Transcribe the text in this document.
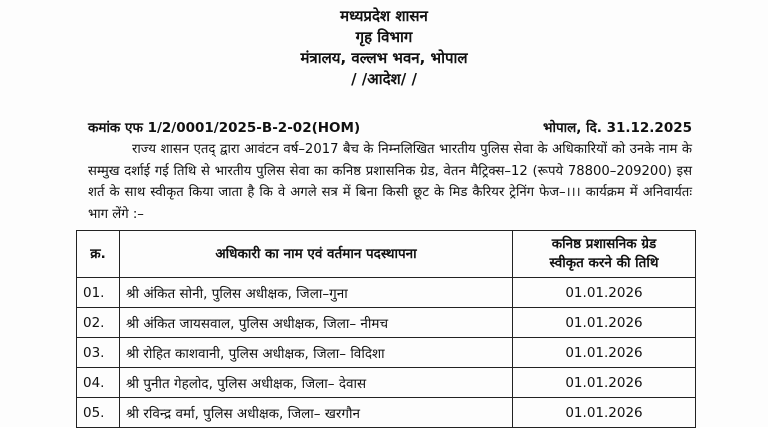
मध्यप्रदेश शासन
गृह विभाग
मंत्रालय, वल्लभ भवन, भोपाल
/ /आदेश/ /
कमांक एफ 1/2/0001/2025-B-2-02(HOM)	भोपाल, दि. 31.12.2025
राज्य शासन एतद् द्वारा आवंटन वर्ष–2017 बैच के निम्नलिखित भारतीय पुलिस सेवा के अधिकारियों को उनके नाम के सम्मुख दर्शाई गई तिथि से भारतीय पुलिस सेवा का कनिष्ठ प्रशासनिक ग्रेड, वेतन मैट्रिक्स–12 (रूपये 78800–209200) इस शर्त के साथ स्वीकृत किया जाता है कि वे अगले सत्र में बिना किसी छूट के मिड कैरियर ट्रेनिंग फेज–।।। कार्यक्रम में अनिवार्यतः भाग लेंगे :–
क्र.	अधिकारी का नाम एवं वर्तमान पदस्थापना	कनिष्ठ प्रशासनिक ग्रेड
स्वीकृत करने की तिथि
01.	श्री अंकित सोनी, पुलिस अधीक्षक, जिला–गुना	01.01.2026
02.	श्री अंकित जायसवाल, पुलिस अधीक्षक, जिला– नीमच	01.01.2026
03.	श्री रोहित काशवानी, पुलिस अधीक्षक, जिला– विदिशा	01.01.2026
04.	श्री पुनीत गेहलोद, पुलिस अधीक्षक, जिला– देवास	01.01.2026
05.	श्री रविन्द्र वर्मा, पुलिस अधीक्षक, जिला– खरगौन	01.01.2026
